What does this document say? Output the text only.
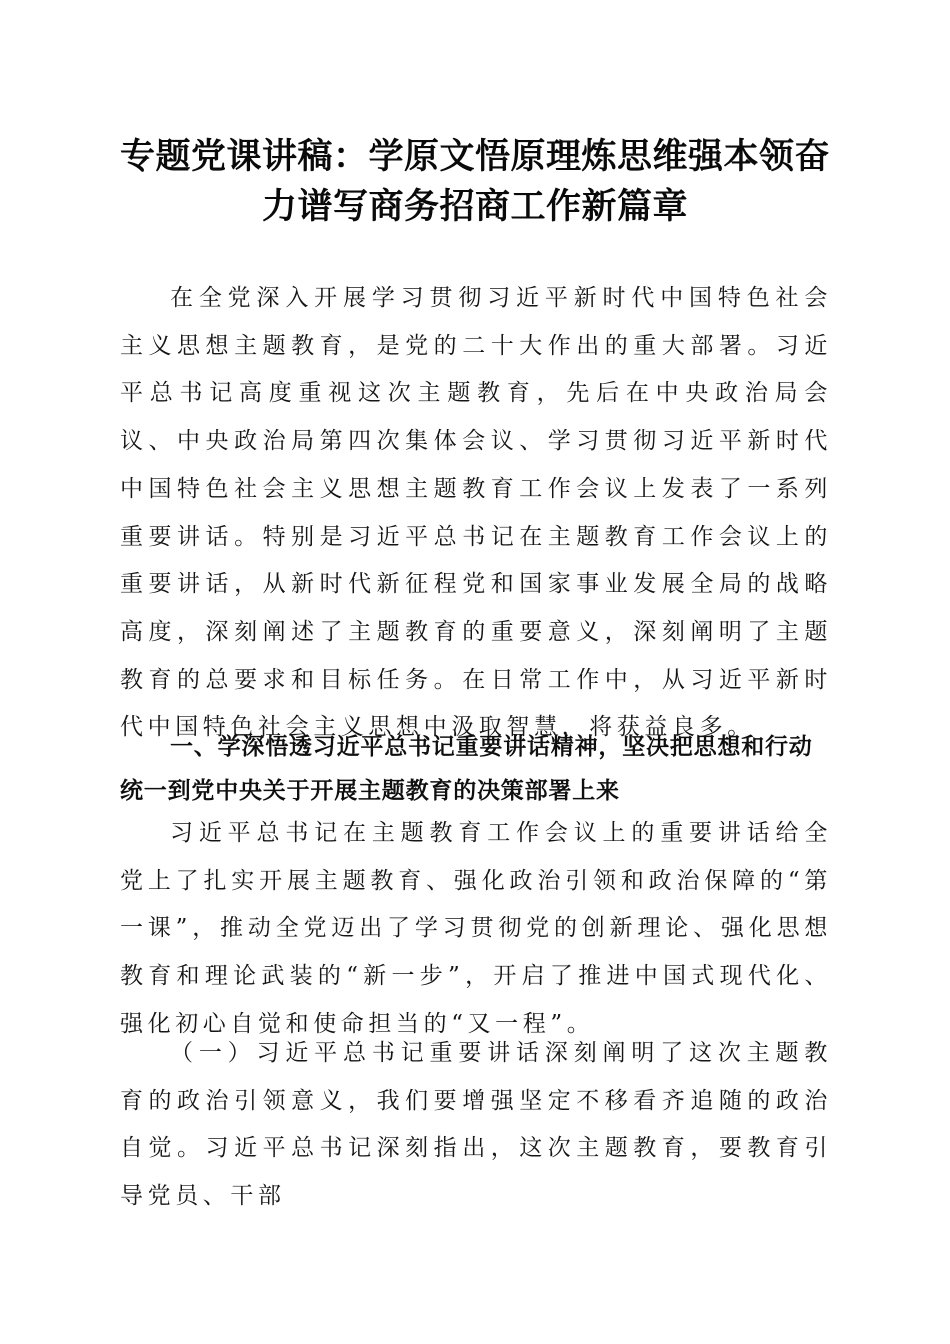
专题党课讲稿：学原文悟原理炼思维强本领奋
力谱写商务招商工作新篇章

在全党深入开展学习贯彻习近平新时代中国特色社会主义思想主题教育，是党的二十大作出的重大部署。习近平总书记高度重视这次主题教育，先后在中央政治局会议、中央政治局第四次集体会议、学习贯彻习近平新时代中国特色社会主义思想主题教育工作会议上发表了一系列重要讲话。特别是习近平总书记在主题教育工作会议上的重要讲话，从新时代新征程党和国家事业发展全局的战略高度，深刻阐述了主题教育的重要意义，深刻阐明了主题教育的总要求和目标任务。在日常工作中，从习近平新时代中国特色社会主义思想中汲取智慧，将获益良多。

一、学深悟透习近平总书记重要讲话精神，坚决把思想和行动统一到党中央关于开展主题教育的决策部署上来

习近平总书记在主题教育工作会议上的重要讲话给全党上了扎实开展主题教育、强化政治引领和政治保障的“第一课”，推动全党迈出了学习贯彻党的创新理论、强化思想教育和理论武装的“新一步”，开启了推进中国式现代化、强化初心自觉和使命担当的“又一程”。

（一）习近平总书记重要讲话深刻阐明了这次主题教育的政治引领意义，我们要增强坚定不移看齐追随的政治自觉。习近平总书记深刻指出，这次主题教育，要教育引导党员、干部
